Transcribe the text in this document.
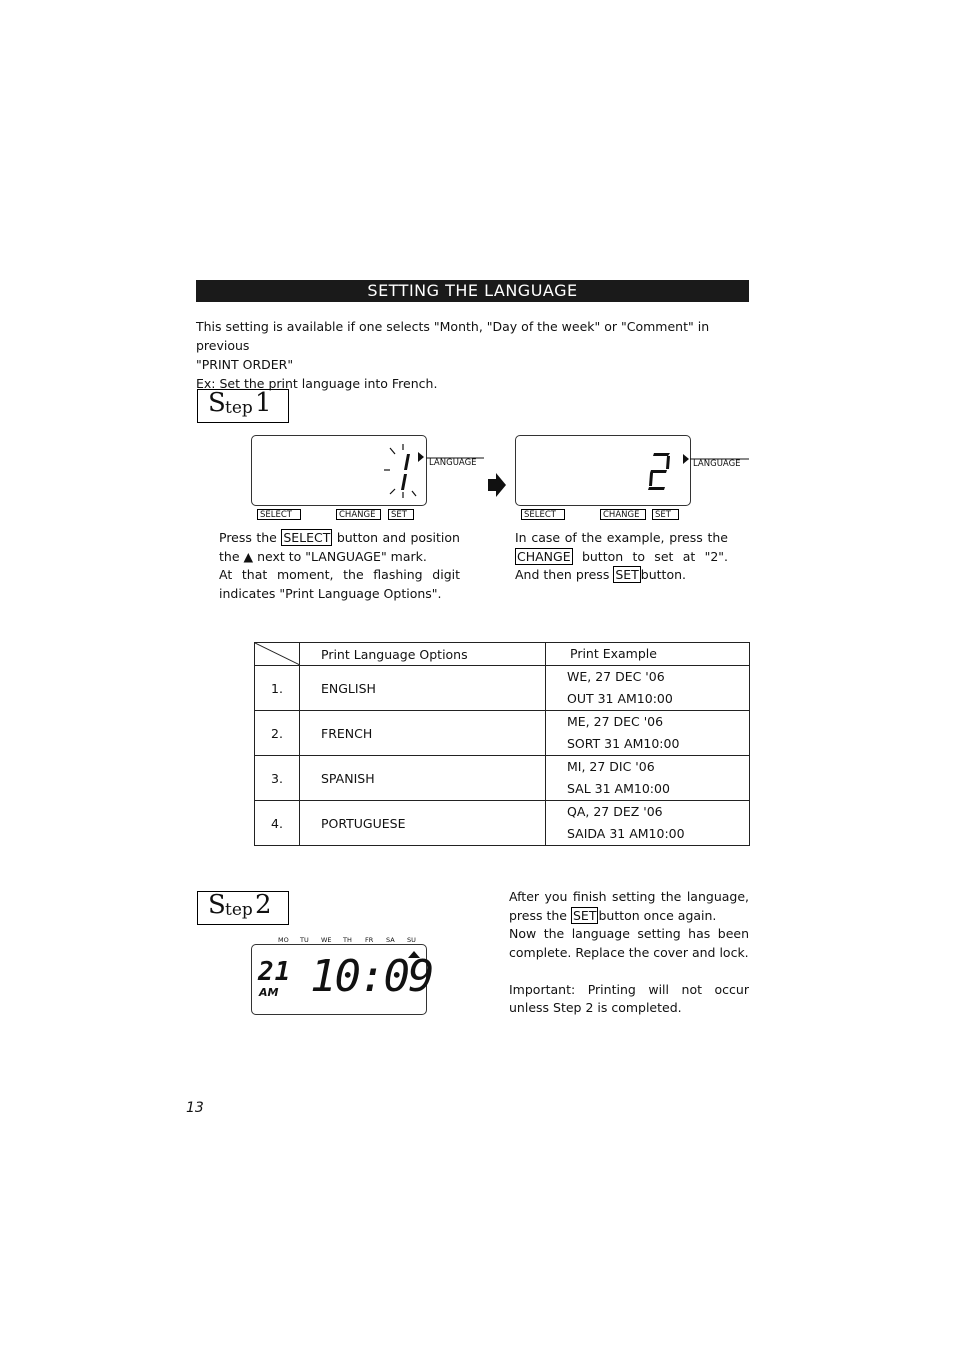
SETTING THE LANGUAGE
This setting is available if one selects "Month, "Day of the week" or "Comment" in previous
"PRINT ORDER"
Ex: Set the print language into French.
S tep 1
LANGUAGE
SELECT	CHANGE	SET
LANGUAGE
SELECT	CHANGE	SET
Press the SELECT button and position the ▲ next to "LANGUAGE" mark.
At that moment, the flashing digit indicates "Print Language Options".
In case of the example, press the CHANGE button to set at "2". And then press SET button.
	Print Language Options	Print Example
1.	ENGLISH	WE, 27 DEC '06
OUT 31 AM10:00

2.	FRENCH	ME, 27 DEC '06
SORT 31 AM10:00

3.	SPANISH	MI, 27 DIC '06
SAL 31 AM10:00

4.	PORTUGUESE	QA, 27 DEZ '06
SAIDA 31 AM10:00
S tep 2
MO TU WE TH FR SA SU
21
AM 10:09
After you finish setting the language, press the SET button once again.
Now the language setting has been complete. Replace the cover and lock.

Important: Printing will not occur unless Step 2 is completed.
13
